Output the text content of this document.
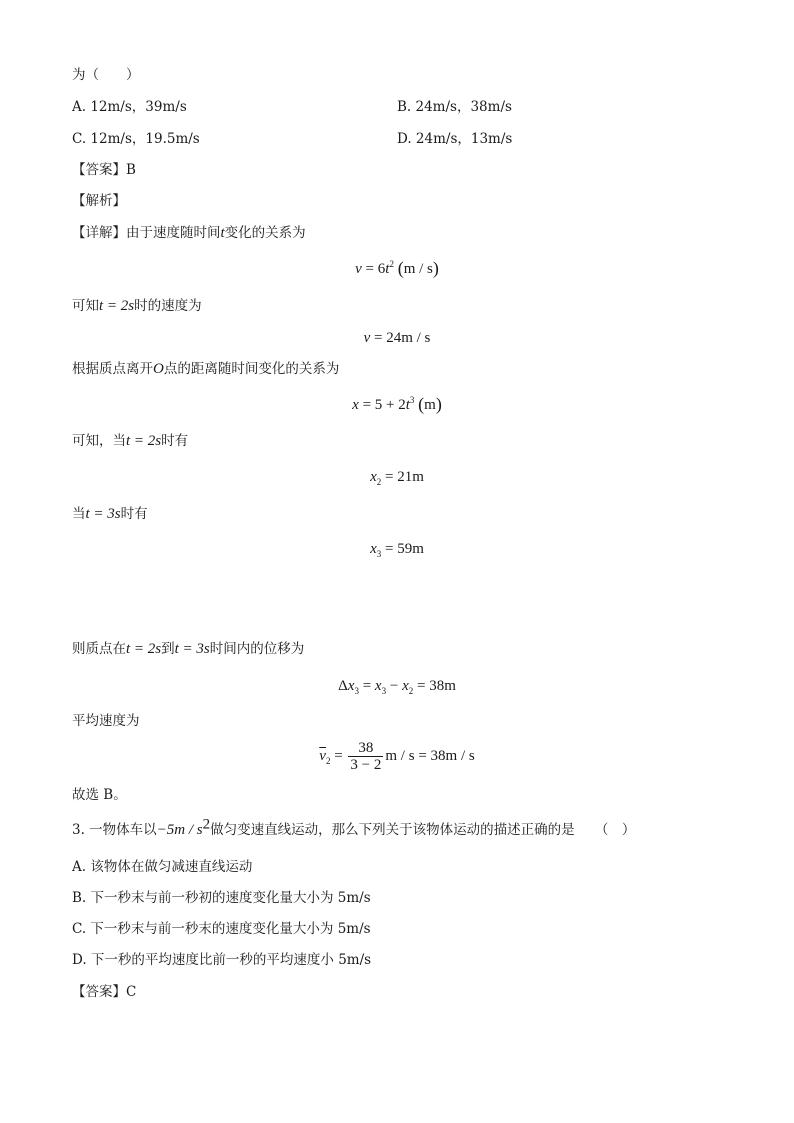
为（　　）
A. 12m/s，39m/s	B. 24m/s，38m/s
C. 12m/s，19.5m/s	D. 24m/s，13m/s
【答案】B
【解析】
【详解】由于速度随时间t变化的关系为
$v = 6t^2$ (m / s)
可知t = 2s时的速度为
v = 24m / s
根据质点离开O点的距离随时间变化的关系为
$x = 5 + 2t^3$ (m)
可知，当t = 2s时有
$x_2 = 21m$
当t = 3s时有
$x_3 = 59m$
则质点在t = 2s到t = 3s时间内的位移为
$\Delta x_3 = x_3 - x_2 = 38m$
平均速度为
$\overline{v}_2 = \frac{38}{3 - 2}$ m / s = 38m / s
故选 B。
3. 一物体车以$-5m / s^2$做匀变速直线运动，那么下列关于该物体运动的描述正确的是　　（　）
A. 该物体在做匀减速直线运动
B. 下一秒末与前一秒初的速度变化量大小为 5m/s
C. 下一秒末与前一秒末的速度变化量大小为 5m/s
D. 下一秒的平均速度比前一秒的平均速度小 5m/s
【答案】C
